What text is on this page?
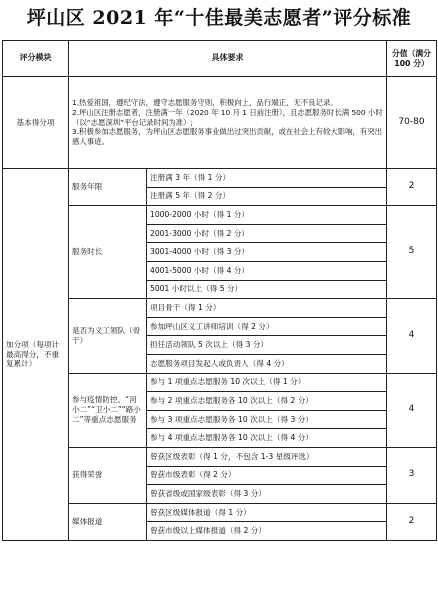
坪山区 2021 年“十佳最美志愿者”评分标准
评分模块	具体要求		分值（满分 100 分）
基本得分项	1.热爱祖国，遵纪守法，遵守志愿服务守则，积极向上，品行端正，无不良记录。
2.坪山区注册志愿者，注册满一年（2020 年 10 月 1 日前注册），且志愿服务时长满 500 小时（以“志愿深圳”平台记录时间为准）;
3.积极参加志愿服务，为坪山区志愿服务事业做出过突出贡献，或在社会上有较大影响，有突出感人事迹。		70-80
加分项（每项计最高得分，不重复累计）	服务年限	注册满 3 年（得 1 分）	2
		注册满 5 年（得 2 分）	
	服务时长	1000-2000 小时（得 1 分）	5
		2001-3000 小时（得 2 分）	
		3001-4000 小时（得 3 分）	
		4001-5000 小时（得 4 分）	
		5001 小时以上（得 5 分）	
	是否为义工领队（骨干）	项目骨干（得 1 分）	4
		参加坪山区义工讲师培训（得 2 分）	
		担任活动领队 5 次以上（得 3 分）	
		志愿服务项目发起人或负责人（得 4 分）	
	参与疫情防控、“河小二”“卫小二”“路小二”等重点志愿服务	参与 1 项重点志愿服务 10 次以上（得 1 分）	4
		参与 2 项重点志愿服务各 10 次以上（得 2 分）	
		参与 3 项重点志愿服务各 10 次以上（得 3 分）	
		参与 4 项重点志愿服务各 10 次以上（得 4 分）	
	获得荣誉	曾获区级表彰（得 1 分，不包含 1-3 星级评选）	3
		曾获市级表彰（得 2 分）	
		曾获省级或国家级表彰（得 3 分）	
	媒体报道	曾获区级媒体报道（得 1 分）	2
		曾获市级以上媒体报道（得 2 分）	
